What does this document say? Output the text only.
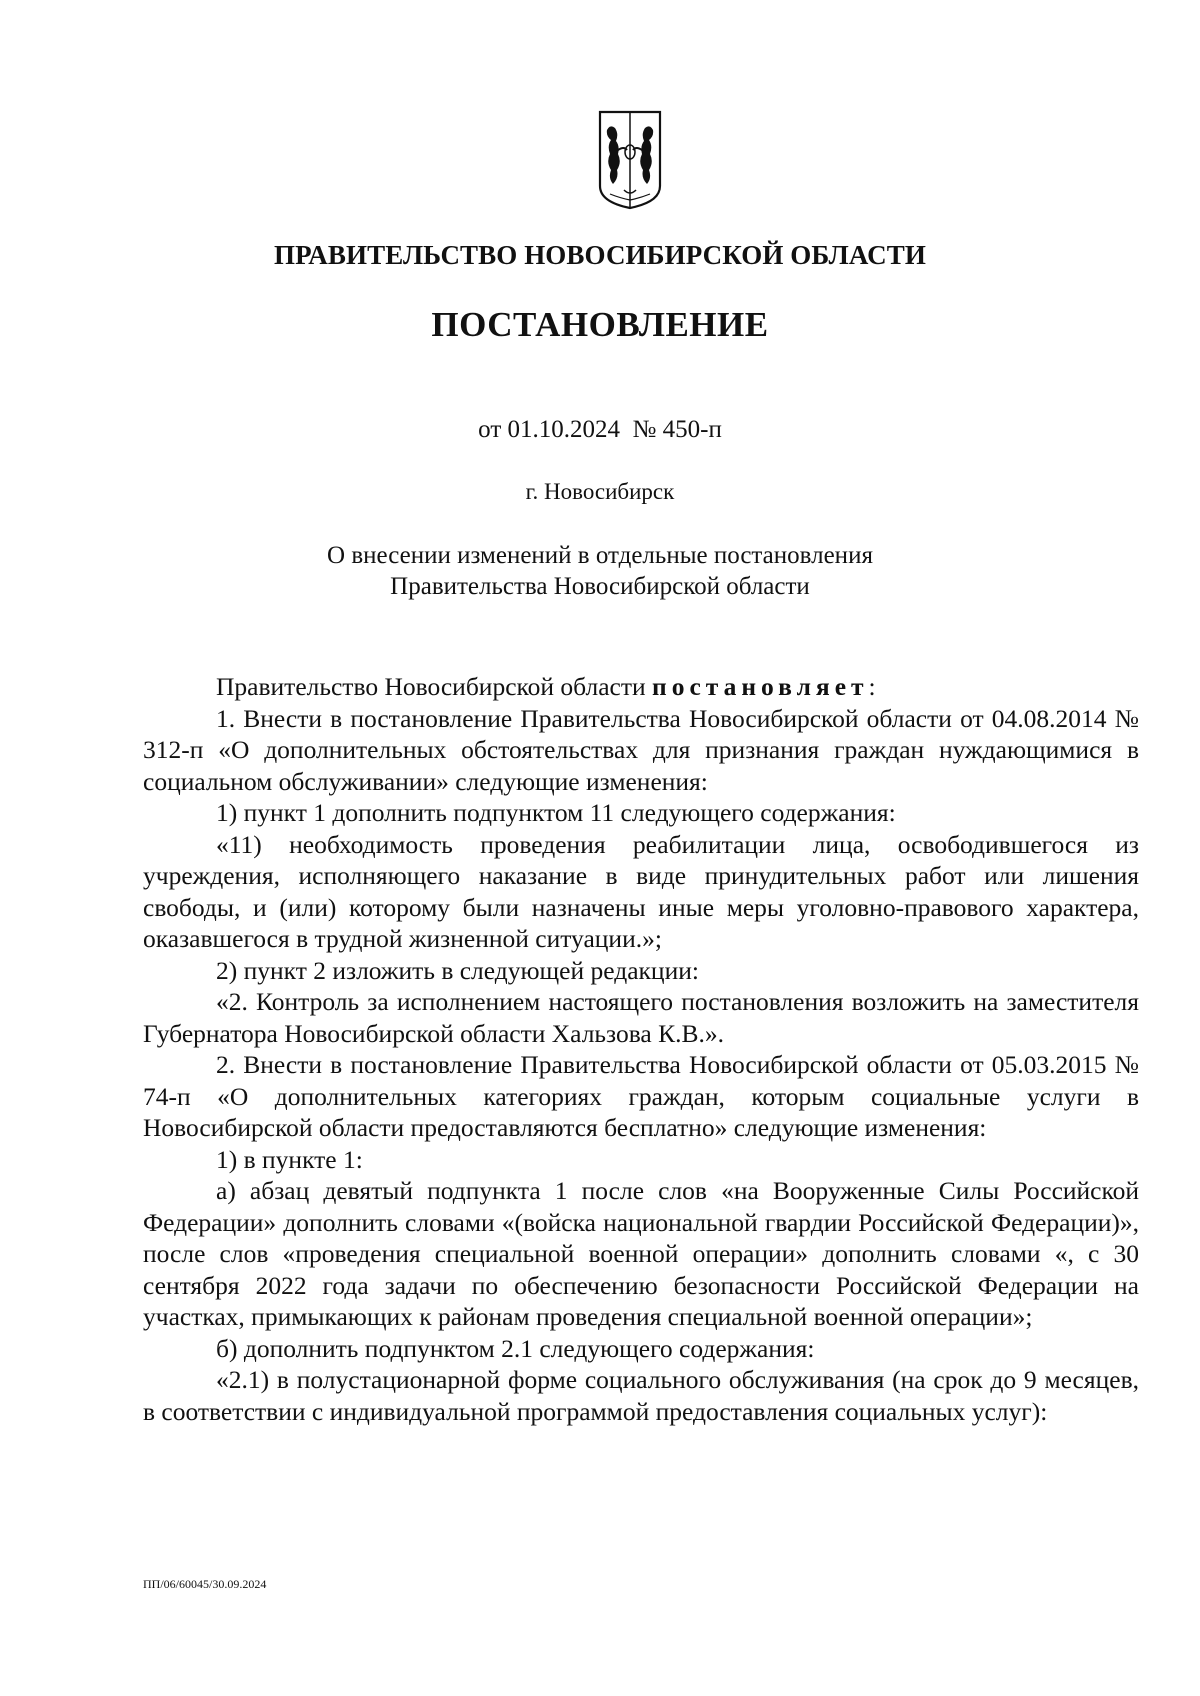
ПРАВИТЕЛЬСТВО НОВОСИБИРСКОЙ ОБЛАСТИ
ПОСТАНОВЛЕНИЕ
от 01.10.2024  № 450-п
г. Новосибирск
О внесении изменений в отдельные постановления
Правительства Новосибирской области

Правительство Новосибирской области постановляет:

1. Внести в постановление Правительства Новосибирской области от 04.08.2014 № 312-п «О дополнительных обстоятельствах для признания граждан нуждающимися в социальном обслуживании» следующие изменения:

1) пункт 1 дополнить подпунктом 11 следующего содержания:

«11) необходимость проведения реабилитации лица, освободившегося из учреждения, исполняющего наказание в виде принудительных работ или лишения свободы, и (или) которому были назначены иные меры уголовно-правового характера, оказавшегося в трудной жизненной ситуации.»;

2) пункт 2 изложить в следующей редакции:

«2. Контроль за исполнением настоящего постановления возложить на заместителя Губернатора Новосибирской области Хальзова К.В.».

2. Внести в постановление Правительства Новосибирской области от 05.03.2015 № 74-п «О дополнительных категориях граждан, которым социальные услуги в Новосибирской области предоставляются бесплатно» следующие изменения:

1) в пункте 1:

а) абзац девятый подпункта 1 после слов «на Вооруженные Силы Российской Федерации» дополнить словами «(войска национальной гвардии Российской Федерации)», после слов «проведения специальной военной операции» дополнить словами «, с 30 сентября 2022 года задачи по обеспечению безопасности Российской Федерации на участках, примыкающих к районам проведения специальной военной операции»;

б) дополнить подпунктом 2.1 следующего содержания:

«2.1) в полустационарной форме социального обслуживания (на срок до 9 месяцев, в соответствии с индивидуальной программой предоставления социальных услуг):

ПП/06/60045/30.09.2024
